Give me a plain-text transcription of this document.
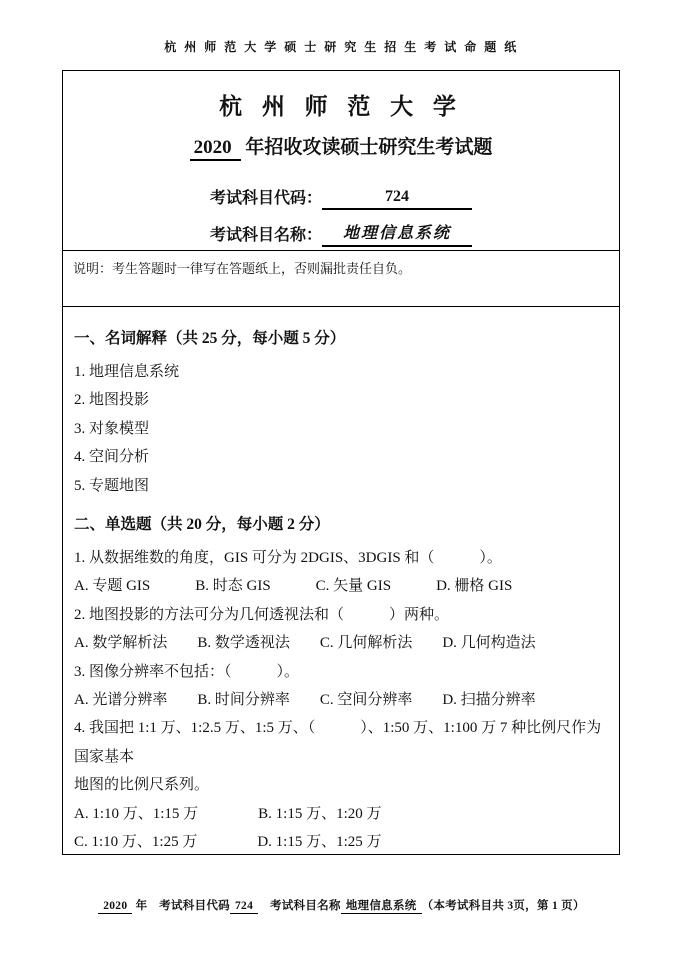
杭 州 师 范 大 学 硕 士 研 究 生 招 生 考 试 命 题 纸
杭 州 师 范 大 学
2020 年招收攻读硕士研究生考试题
考试科目代码：	724
考试科目名称： 地理信息系统
说明：考生答题时一律写在答题纸上，否则漏批责任自负。
一、名词解释（共 25 分，每小题 5 分）
1. 地理信息系统
2. 地图投影
3. 对象模型
4. 空间分析
5. 专题地图
二、单选题（共 20 分，每小题 2 分）
1. 从数据维数的角度，GIS 可分为 2DGIS、3DGIS 和（　　　）。
A. 专题 GIS　　　B. 时态 GIS　　　C. 矢量 GIS　　　D. 栅格 GIS
2. 地图投影的方法可分为几何透视法和（　　　）两种。
A. 数学解析法　　B. 数学透视法　　C. 几何解析法　　D. 几何构造法
3. 图像分辨率不包括：（　　　）。
A. 光谱分辨率　　B. 时间分辨率　　C. 空间分辨率　　D. 扫描分辨率
4. 我国把 1:1 万、1:2.5 万、1:5 万、（　　　）、1:50 万、1:100 万 7 种比例尺作为国家基本
地图的比例尺系列。
A. 1:10 万、1:15 万　　　　B. 1:15 万、1:20 万
C. 1:10 万、1:25 万　　　　D. 1:15 万、1:25 万
2020 年　考试科目代码 724　考试科目名称 地理信息系统 （本考试科目共 3页，第 1 页）
